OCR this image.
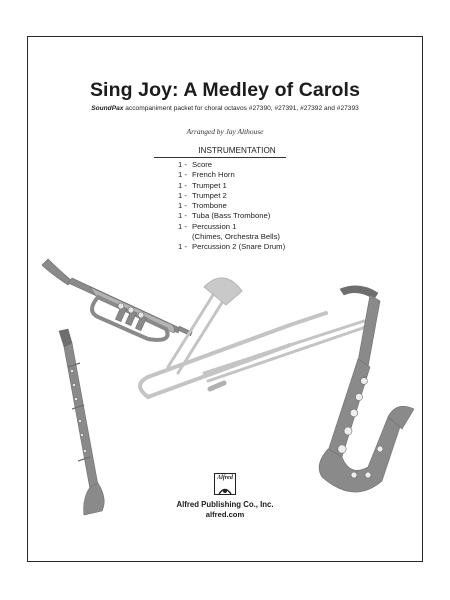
Sing Joy: A Medley of Carols
SoundPax accompaniment packet for choral octavos #27390, #27391, #27392 and #27393
Arranged by Jay Althouse
INSTRUMENTATION
1 - Score
1 - French Horn
1 - Trumpet 1
1 - Trumpet 2
1 - Trombone
1 - Tuba (Bass Trombone)
1 - Percussion 1
(Chimes, Orchestra Bells)
1 - Percussion 2 (Snare Drum)
Alfred
Alfred Publishing Co., Inc.
alfred.com
